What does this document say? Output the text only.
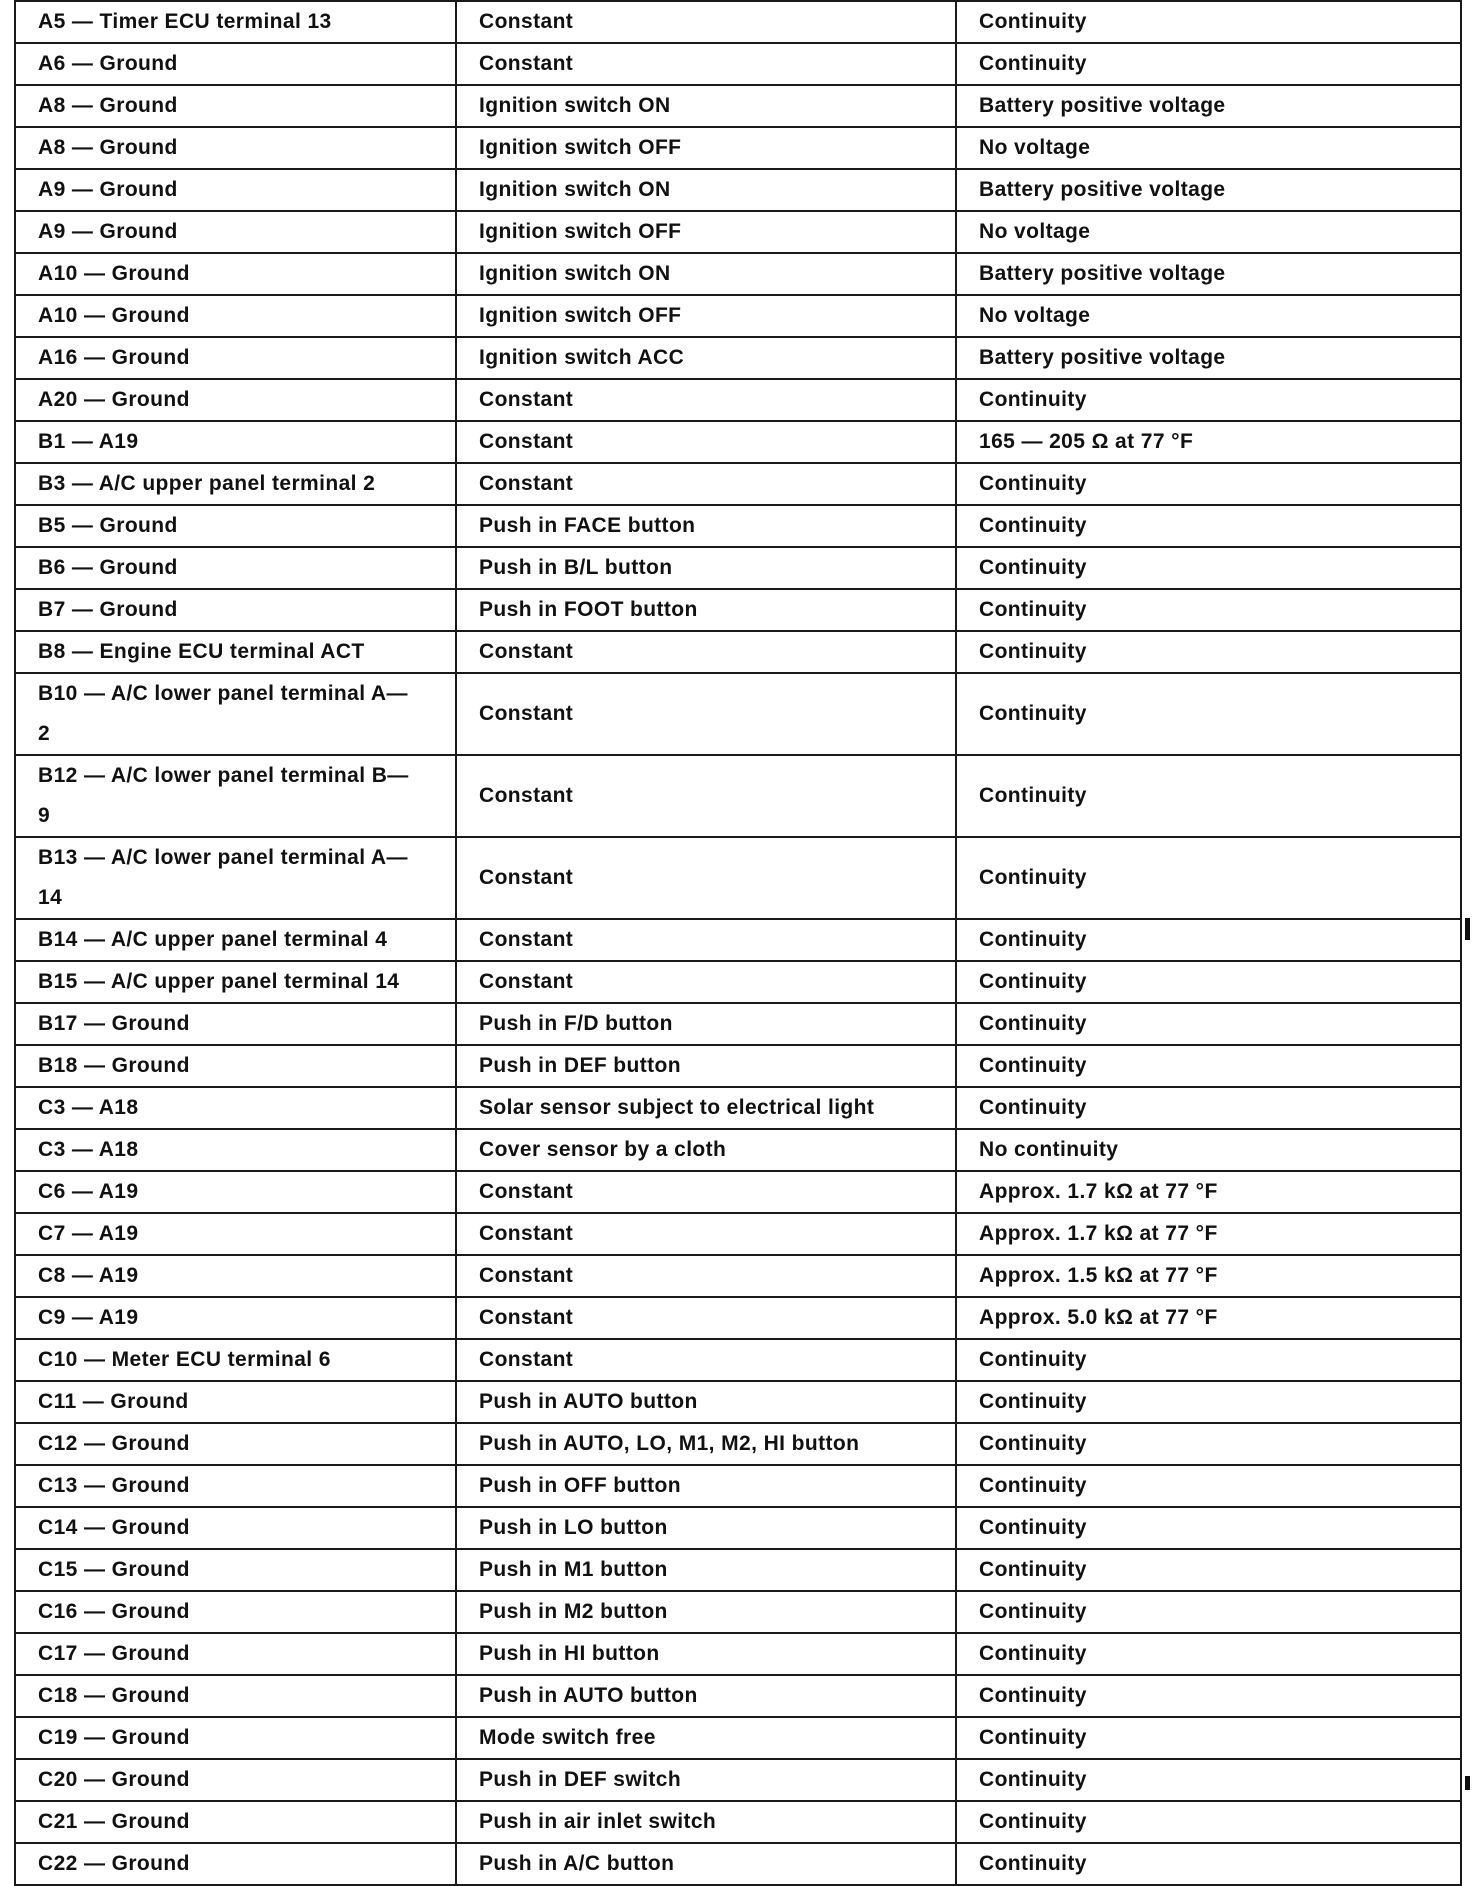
A5 — Timer ECU terminal 13	Constant	Continuity
A6 — Ground	Constant	Continuity
A8 — Ground	Ignition switch ON	Battery positive voltage
A8 — Ground	Ignition switch OFF	No voltage
A9 — Ground	Ignition switch ON	Battery positive voltage
A9 — Ground	Ignition switch OFF	No voltage
A10 — Ground	Ignition switch ON	Battery positive voltage
A10 — Ground	Ignition switch OFF	No voltage
A16 — Ground	Ignition switch ACC	Battery positive voltage
A20 — Ground	Constant	Continuity
B1 — A19	Constant	165 — 205 Ω at 77 °F
B3 — A/C upper panel terminal 2	Constant	Continuity
B5 — Ground	Push in FACE button	Continuity
B6 — Ground	Push in B/L button	Continuity
B7 — Ground	Push in FOOT button	Continuity
B8 — Engine ECU terminal ACT	Constant	Continuity
B10 — A/C lower panel terminal A—2	Constant	Continuity
B12 — A/C lower panel terminal B—9	Constant	Continuity
B13 — A/C lower panel terminal A—14	Constant	Continuity
B14 — A/C upper panel terminal 4	Constant	Continuity
B15 — A/C upper panel terminal 14	Constant	Continuity
B17 — Ground	Push in F/D button	Continuity
B18 — Ground	Push in DEF button	Continuity
C3 — A18	Solar sensor subject to electrical light	Continuity
C3 — A18	Cover sensor by a cloth	No continuity
C6 — A19	Constant	Approx. 1.7 kΩ at 77 °F
C7 — A19	Constant	Approx. 1.7 kΩ at 77 °F
C8 — A19	Constant	Approx. 1.5 kΩ at 77 °F
C9 — A19	Constant	Approx. 5.0 kΩ at 77 °F
C10 — Meter ECU terminal 6	Constant	Continuity
C11 — Ground	Push in AUTO button	Continuity
C12 — Ground	Push in AUTO, LO, M1, M2, HI button	Continuity
C13 — Ground	Push in OFF button	Continuity
C14 — Ground	Push in LO button	Continuity
C15 — Ground	Push in M1 button	Continuity
C16 — Ground	Push in M2 button	Continuity
C17 — Ground	Push in HI button	Continuity
C18 — Ground	Push in AUTO button	Continuity
C19 — Ground	Mode switch free	Continuity
C20 — Ground	Push in DEF switch	Continuity
C21 — Ground	Push in air inlet switch	Continuity
C22 — Ground	Push in A/C button	Continuity
